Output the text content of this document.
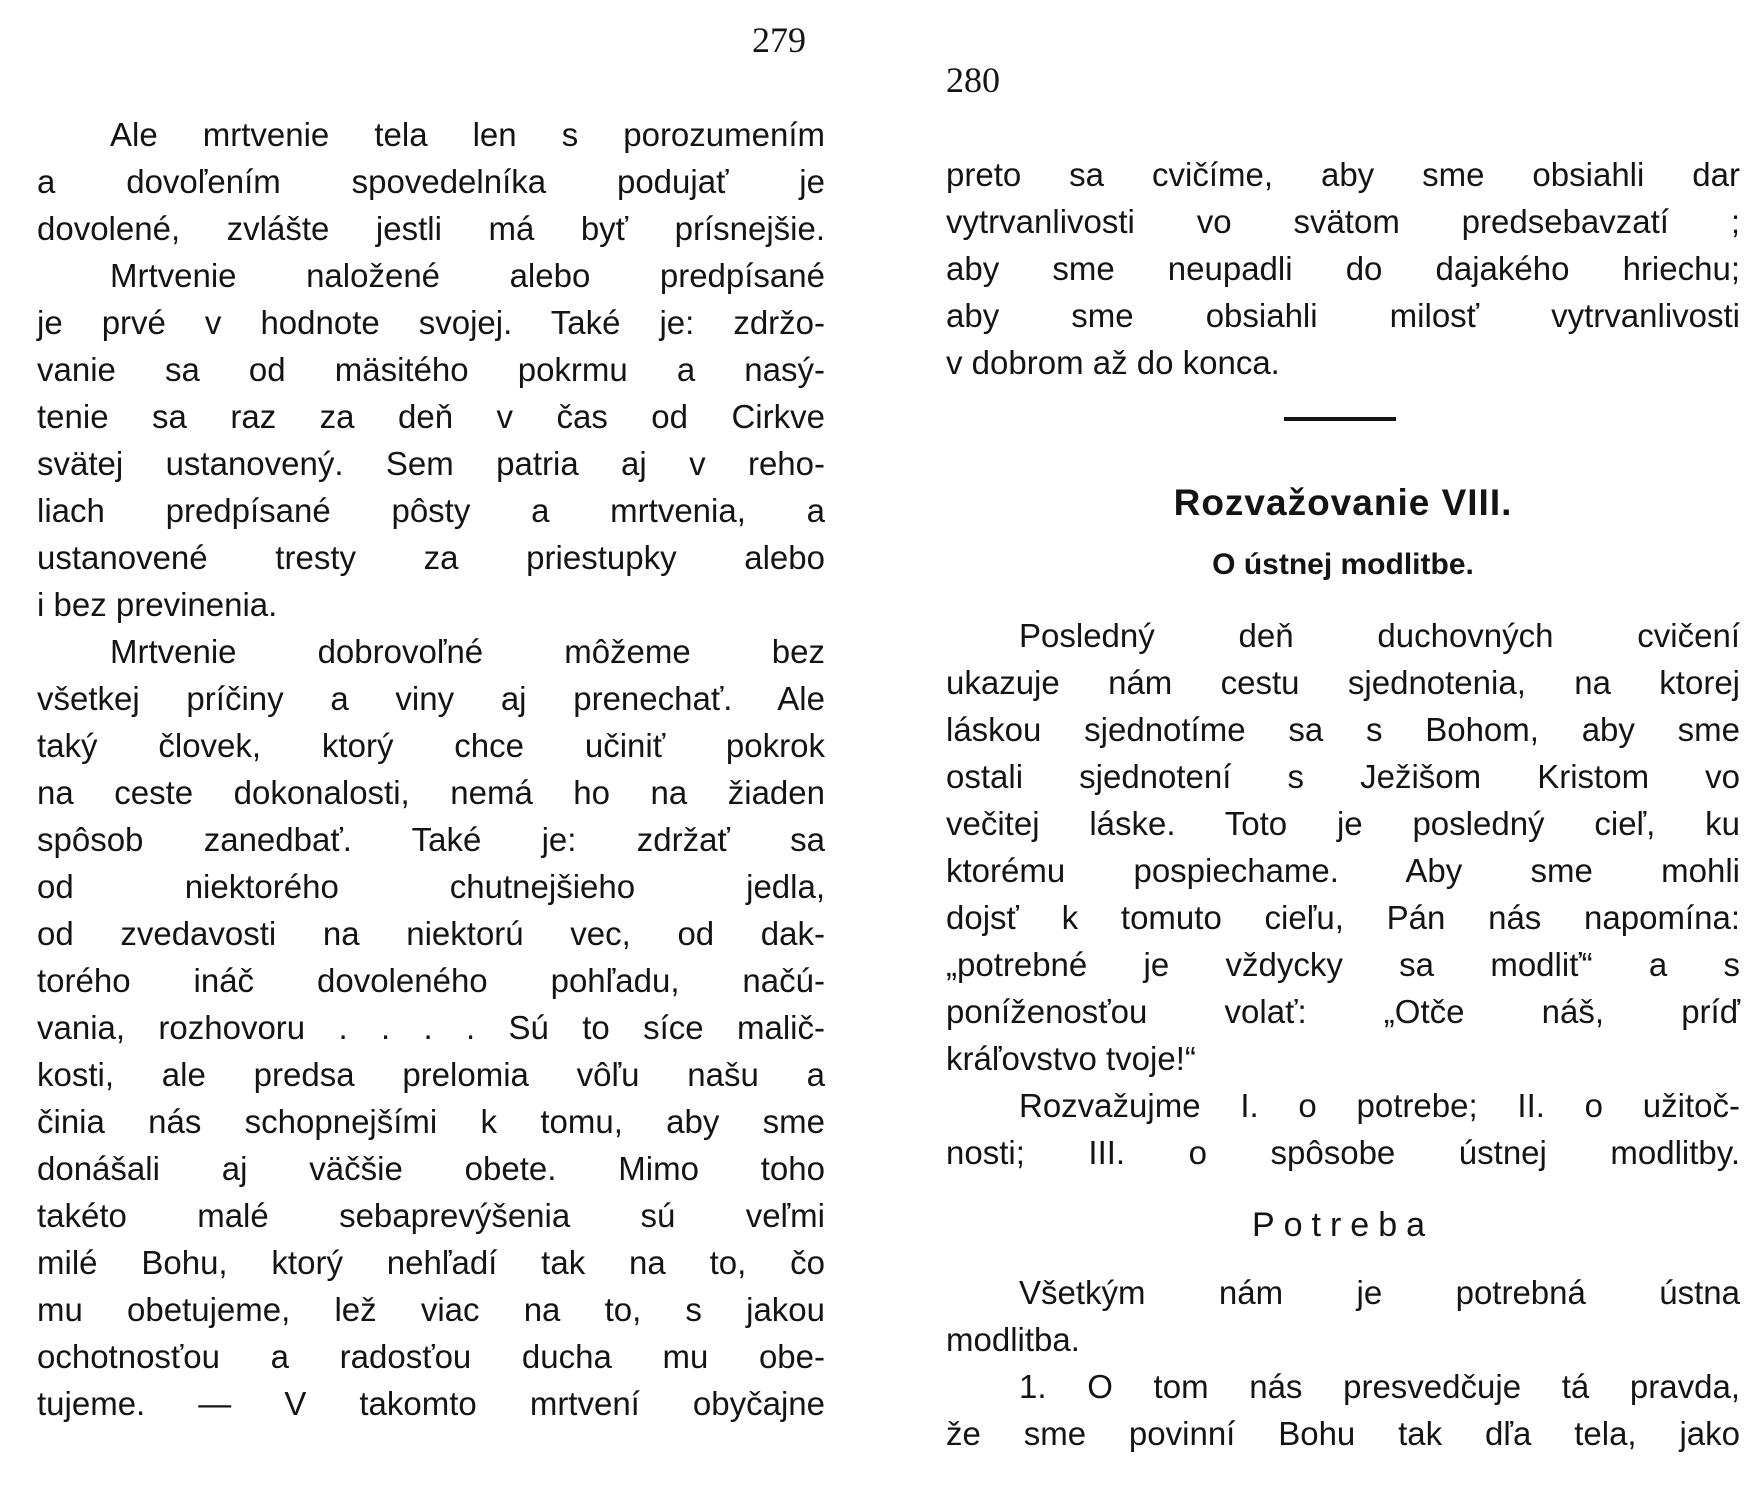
279
Ale mrtvenie tela len s porozumením
a dovoľením spovedelníka podujať je
dovolené, zvlášte jestli má byť prísnejšie.
Mrtvenie naložené alebo predpísané
je prvé v hodnote svojej. Také je: zdržo-
vanie sa od mäsitého pokrmu a nasý-
tenie sa raz za deň v čas od Cirkve
svätej ustanovený. Sem patria aj v reho-
liach predpísané pôsty a mrtvenia, a
ustanovené tresty za priestupky alebo
i bez previnenia.
Mrtvenie dobrovoľné môžeme bez
všetkej príčiny a viny aj prenechať. Ale
taký človek, ktorý chce učiniť pokrok
na ceste dokonalosti, nemá ho na žiaden
spôsob zanedbať. Také je: zdržať sa
od niektorého chutnejšieho jedla,
od zvedavosti na niektorú vec, od dak-
torého ináč dovoleného pohľadu, načú-
vania, rozhovoru . . . . Sú to síce malič-
kosti, ale predsa prelomia vôľu našu a
činia nás schopnejšími k tomu, aby sme
donášali aj väčšie obete. Mimo toho
takéto malé sebaprevýšenia sú veľmi
milé Bohu, ktorý nehľadí tak na to, čo
mu obetujeme, lež viac na to, s jakou
ochotnosťou a radosťou ducha mu obe-
tujeme. — V takomto mrtvení obyčajne
280
preto sa cvičíme, aby sme obsiahli dar
vytrvanlivosti vo svätom predsebavzatí ;
aby sme neupadli do dajakého hriechu;
aby sme obsiahli milosť vytrvanlivosti
v dobrom až do konca.
Rozvažovanie VIII.
O ústnej modlitbe.
Posledný deň duchovných cvičení
ukazuje nám cestu sjednotenia, na ktorej
láskou sjednotíme sa s Bohom, aby sme
ostali sjednotení s Ježišom Kristom vo
večitej láske. Toto je posledný cieľ, ku
ktorému pospiechame. Aby sme mohli
dojsť k tomuto cieľu, Pán nás napomína:
„potrebné je vždycky sa modliť“ a s
poníženosťou volať: „Otče náš, príď
kráľovstvo tvoje!“
Rozvažujme I. o potrebe; II. o užitoč-
nosti; III. o spôsobe ústnej modlitby.
Potreba
Všetkým nám je potrebná ústna
modlitba.
1. O tom nás presvedčuje tá pravda,
že sme povinní Bohu tak dľa tela, jako
